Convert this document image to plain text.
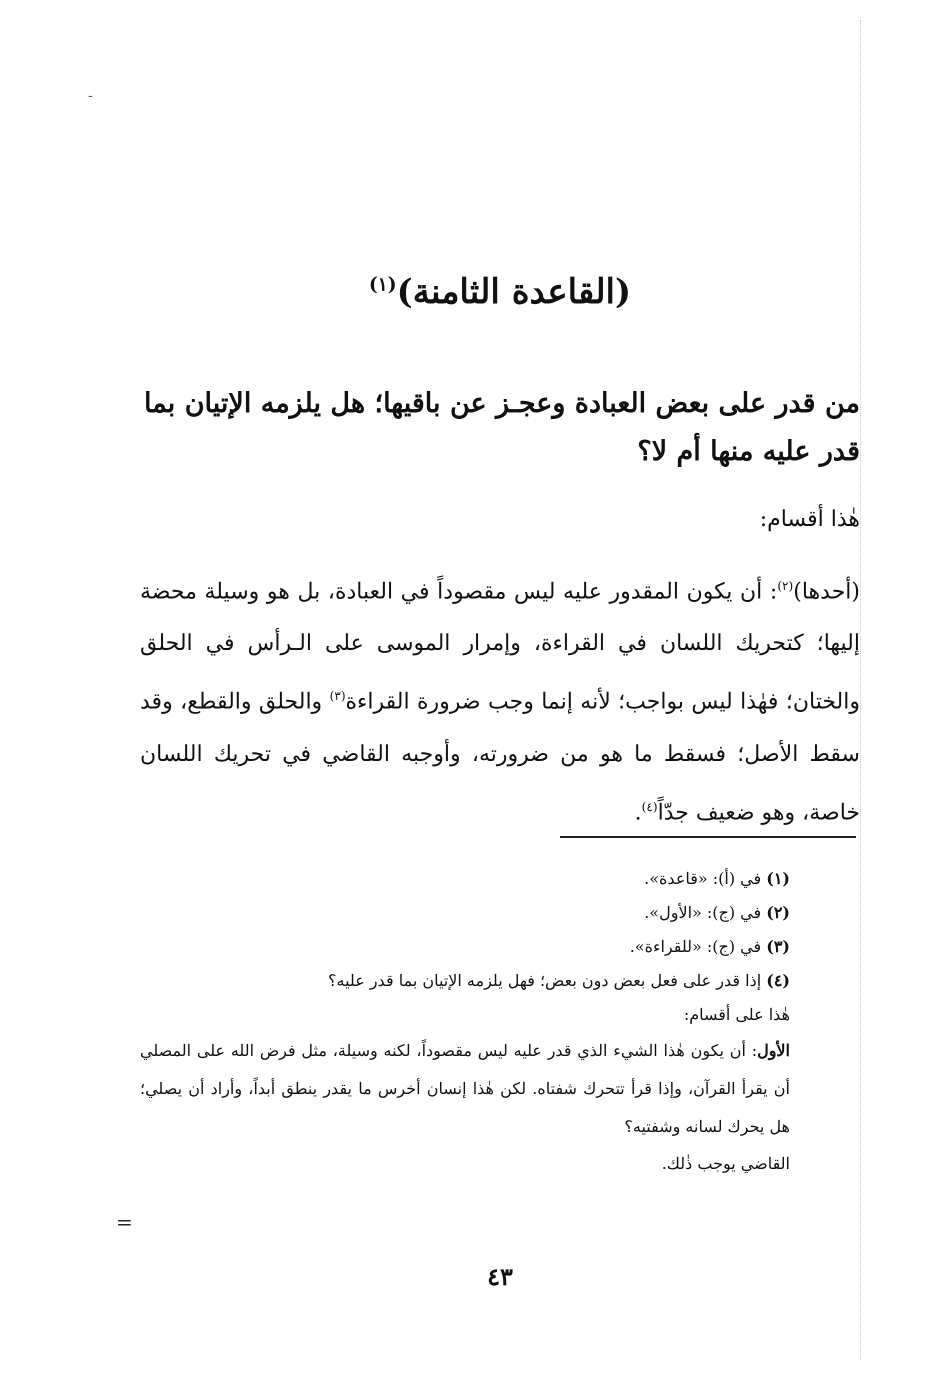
-
(القاعدة الثامنة)$^{(١)}$
من قدر على بعض العبادة وعجـز عن باقيها؛ هل يلزمه الإتيان بما قدر عليه منها أم لا؟
هٰذا أقسام:
(أحدها)$^{(٢)}$: أن يكون المقدور عليه ليس مقصوداً في العبادة، بل هو وسيلة محضة إليها؛ كتحريك اللسان في القراءة، وإمرار الموسى على الـرأس في الحلق والختان؛ فهٰذا ليس بواجب؛ لأنه إنما وجب ضرورة القراءة$^{(٣)}$ والحلق والقطع، وقد سقط الأصل؛ فسقط ما هو من ضرورته، وأوجبه القاضي في تحريك اللسان خاصة، وهو ضعيف جدّاً$^{(٤)}$.

(١) في (أ): «قاعدة».

(٢) في (ج): «الأول».

(٣) في (ج): «للقراءة».

(٤) إذا قدر على فعل بعض دون بعض؛ فهل يلزمه الإتيان بما قدر عليه؟

هٰذا على أقسام:

الأول: أن يكون هٰذا الشيء الذي قدر عليه ليس مقصوداً، لكنه وسيلة، مثل فرض الله على المصلي أن يقرأ القرآن، وإذا قرأ تتحرك شفتاه. لكن هٰذا إنسان أخرس ما يقدر ينطق أبداً، وأراد أن يصلي؛ هل يحرك لسانه وشفتيه؟

القاضي يوجب ذٰلك.

=
٤٣
